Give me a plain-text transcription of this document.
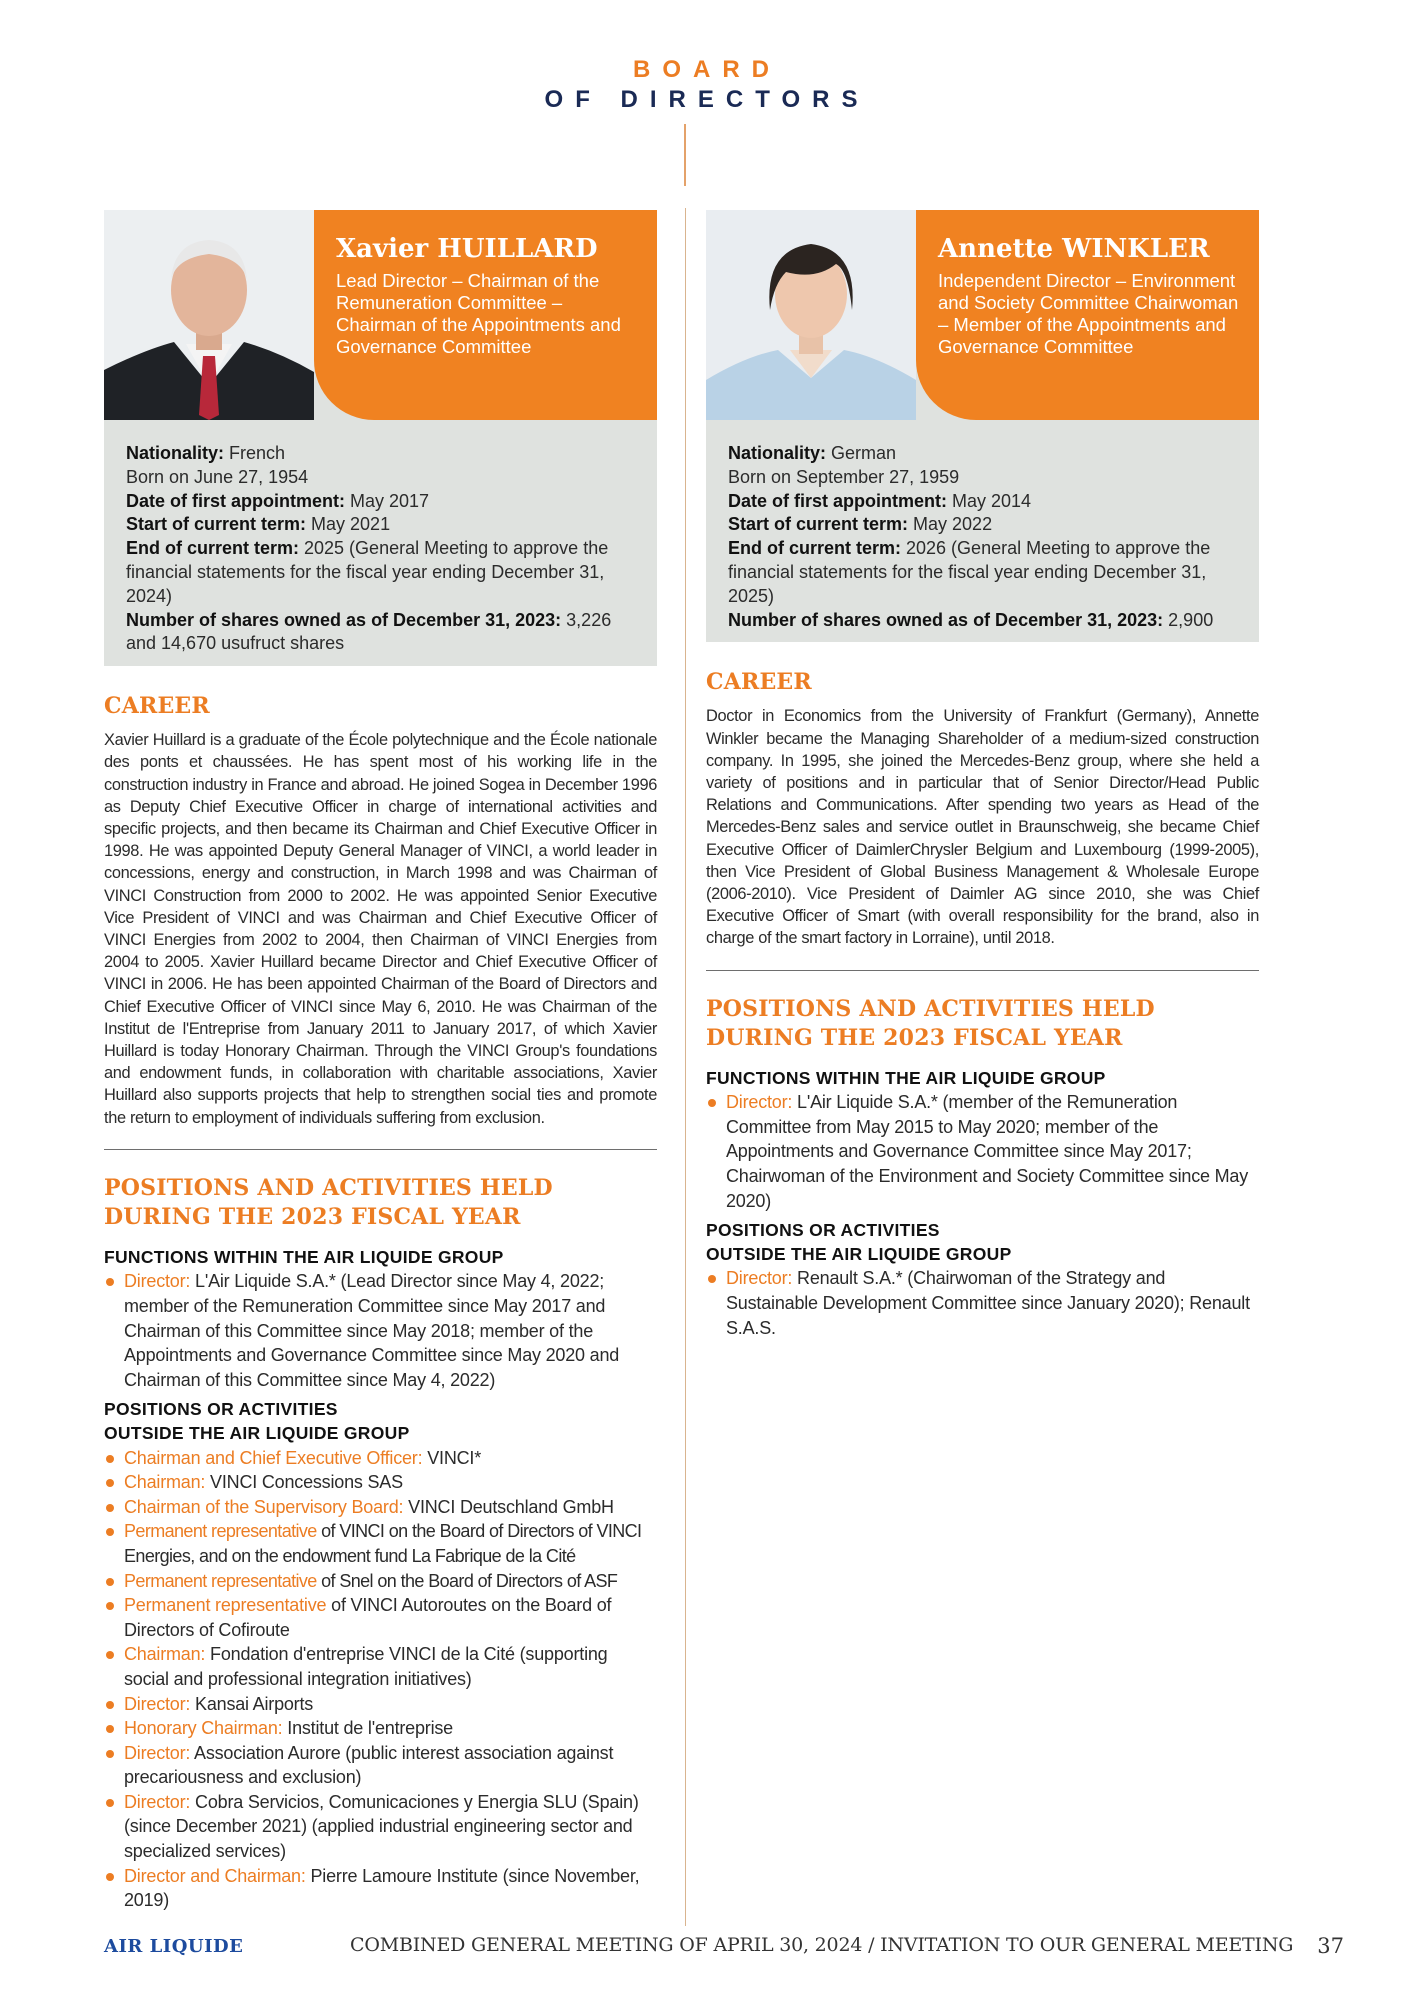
BOARD
OF DIRECTORS
Xavier HUILLARD
Lead Director – Chairman of the Remuneration Committee – Chairman of the Appointments and Governance Committee
Nationality: French
Born on June 27, 1954
Date of first appointment: May 2017
Start of current term: May 2021
End of current term: 2025 (General Meeting to approve the financial statements for the fiscal year ending December 31, 2024)
Number of shares owned as of December 31, 2023: 3,226 and 14,670 usufruct shares
CAREER
Xavier Huillard is a graduate of the École polytechnique and the École nationale des ponts et chaussées. He has spent most of his working life in the construction industry in France and abroad. He joined Sogea in December 1996 as Deputy Chief Executive Officer in charge of international activities and specific projects, and then became its Chairman and Chief Executive Officer in 1998. He was appointed Deputy General Manager of VINCI, a world leader in concessions, energy and construction, in March 1998 and was Chairman of VINCI Construction from 2000 to 2002. He was appointed Senior Executive Vice President of VINCI and was Chairman and Chief Executive Officer of VINCI Energies from 2002 to 2004, then Chairman of VINCI Energies from 2004 to 2005. Xavier Huillard became Director and Chief Executive Officer of VINCI in 2006. He has been appointed Chairman of the Board of Directors and Chief Executive Officer of VINCI since May 6, 2010. He was Chairman of the Institut de l'Entreprise from January 2011 to January 2017, of which Xavier Huillard is today Honorary Chairman. Through the VINCI Group's foundations and endowment funds, in collaboration with charitable associations, Xavier Huillard also supports projects that help to strengthen social ties and promote the return to employment of individuals suffering from exclusion.
POSITIONS AND ACTIVITIES HELD DURING THE 2023 FISCAL YEAR
FUNCTIONS WITHIN THE AIR LIQUIDE GROUP
Director: L'Air Liquide S.A.* (Lead Director since May 4, 2022; member of the Remuneration Committee since May 2017 and Chairman of this Committee since May 2018; member of the Appointments and Governance Committee since May 2020 and Chairman of this Committee since May 4, 2022)
POSITIONS OR ACTIVITIES
OUTSIDE THE AIR LIQUIDE GROUP
Chairman and Chief Executive Officer: VINCI*
Chairman: VINCI Concessions SAS
Chairman of the Supervisory Board: VINCI Deutschland GmbH
Permanent representative of VINCI on the Board of Directors of VINCI Energies, and on the endowment fund La Fabrique de la Cité
Permanent representative of Snel on the Board of Directors of ASF
Permanent representative of VINCI Autoroutes on the Board of Directors of Cofiroute
Chairman: Fondation d'entreprise VINCI de la Cité (supporting social and professional integration initiatives)
Director: Kansai Airports
Honorary Chairman: Institut de l'entreprise
Director: Association Aurore (public interest association against precariousness and exclusion)
Director: Cobra Servicios, Comunicaciones y Energia SLU (Spain) (since December 2021) (applied industrial engineering sector and specialized services)
Director and Chairman: Pierre Lamoure Institute (since November, 2019)
Annette WINKLER
Independent Director – Environment and Society Committee Chairwoman – Member of the Appointments and Governance Committee
Nationality: German
Born on September 27, 1959
Date of first appointment: May 2014
Start of current term: May 2022
End of current term: 2026 (General Meeting to approve the financial statements for the fiscal year ending December 31, 2025)
Number of shares owned as of December 31, 2023: 2,900
CAREER
Doctor in Economics from the University of Frankfurt (Germany), Annette Winkler became the Managing Shareholder of a medium-sized construction company. In 1995, she joined the Mercedes-Benz group, where she held a variety of positions and in particular that of Senior Director/Head Public Relations and Communications. After spending two years as Head of the Mercedes-Benz sales and service outlet in Braunschweig, she became Chief Executive Officer of DaimlerChrysler Belgium and Luxembourg (1999-2005), then Vice President of Global Business Management & Wholesale Europe (2006-2010). Vice President of Daimler AG since 2010, she was Chief Executive Officer of Smart (with overall responsibility for the brand, also in charge of the smart factory in Lorraine), until 2018.
POSITIONS AND ACTIVITIES HELD DURING THE 2023 FISCAL YEAR
FUNCTIONS WITHIN THE AIR LIQUIDE GROUP
Director: L'Air Liquide S.A.* (member of the Remuneration Committee from May 2015 to May 2020; member of the Appointments and Governance Committee since May 2017; Chairwoman of the Environment and Society Committee since May 2020)
POSITIONS OR ACTIVITIES
OUTSIDE THE AIR LIQUIDE GROUP
Director: Renault S.A.* (Chairwoman of the Strategy and Sustainable Development Committee since January 2020); Renault S.A.S.
AIR LIQUIDE	COMBINED GENERAL MEETING OF APRIL 30, 2024 / INVITATION TO OUR GENERAL MEETING 37
